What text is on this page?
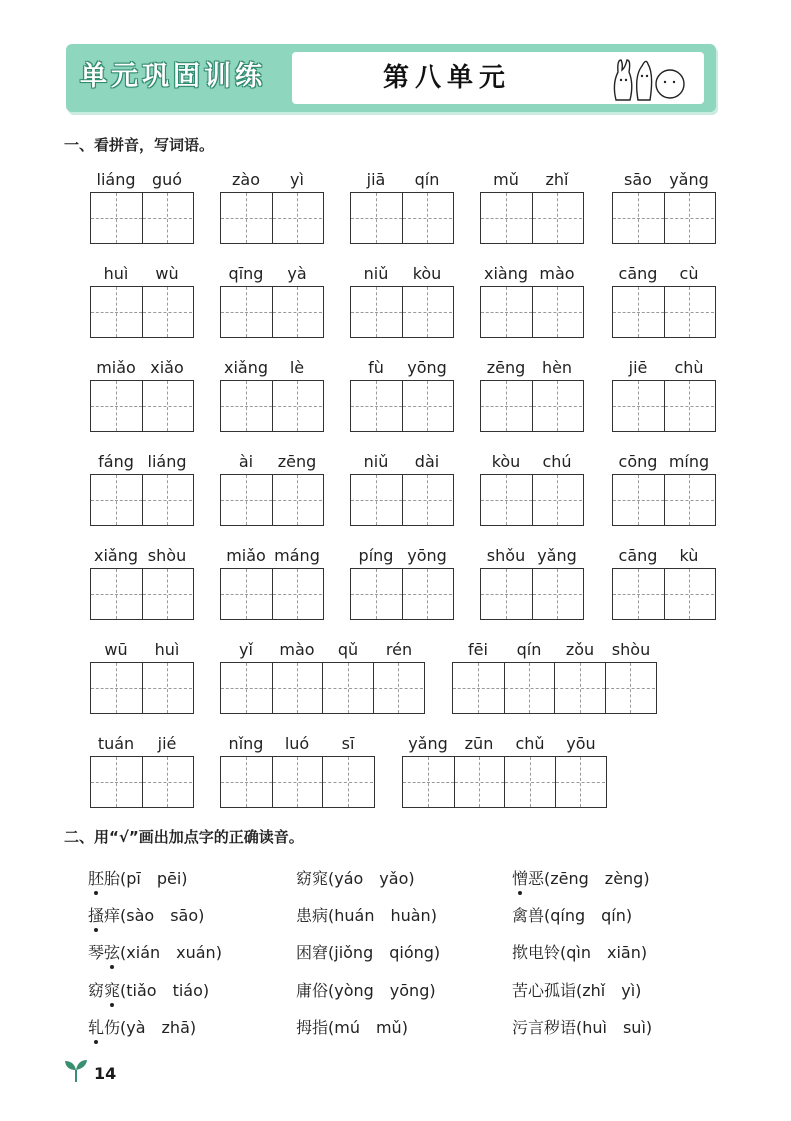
单元巩固训练	第八单元
一、看拼音，写词语。
liáng	guó	zào	yì	jiā	qín	mǔ	zhǐ	sāo	yǎng
huì	wù	qīng	yà	niǔ	kòu	xiàng mào	cāng	cù
miǎo xiǎo	xiǎng	lè	fù	yōng	zēng	hèn	jiē	chù
fáng liáng	ài	zēng	niǔ	dài	kòu	chú	cōng míng
xiǎng shòu	miǎo máng	píng yōng	shǒu yǎng	cāng	kù
wū	huì	yǐ	mào	qǔ	rén	fēi	qín	zǒu	shòu
tuán	jié	nǐng	luó	sī	yǎng	zūn	chǔ	yōu
二、用“√”画出加点字的正确读音。
胚胎(pī　pēi)	窈窕(yáo　yǎo)	憎恶(zēng　zèng)
搔痒(sào　sāo)	患病(huán　huàn)	禽兽(qíng　qín)
琴弦(xián　xuán)	困窘(jiǒng　qióng)	揿电铃(qìn　xiān)
窈窕(tiǎo　tiáo)	庸俗(yòng　yōng)	苦心孤诣(zhǐ　yì)
轧伤(yà　zhā)	拇指(mú　mǔ)	污言秽语(huì　suì)
14
